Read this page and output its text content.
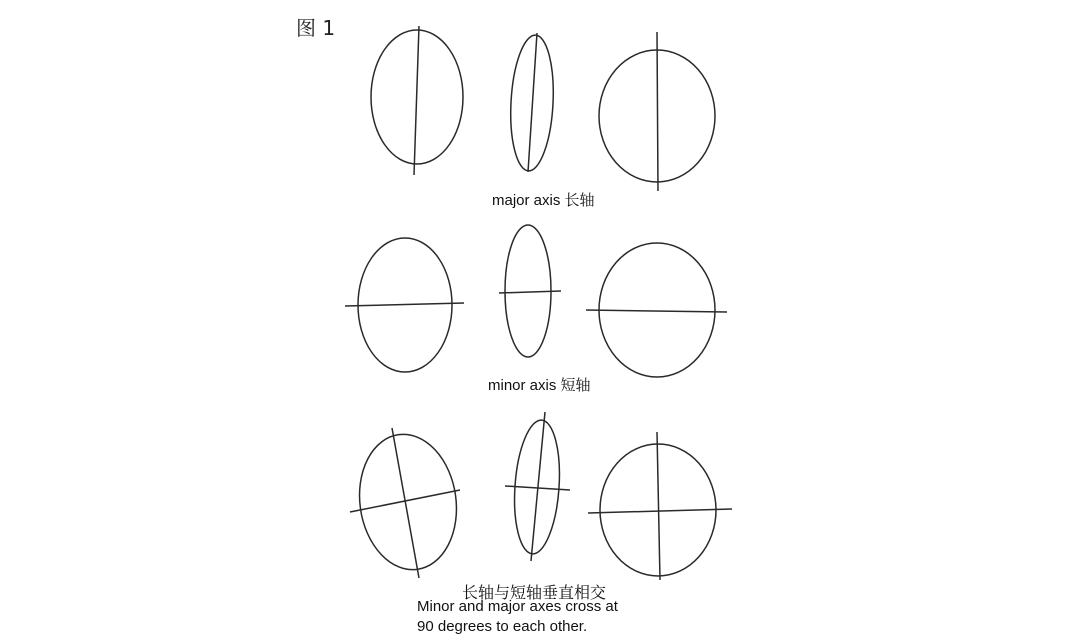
图 1
major axis 长轴
minor axis 短轴
长轴与短轴垂直相交
Minor and major axes cross at
90 degrees to each other.
